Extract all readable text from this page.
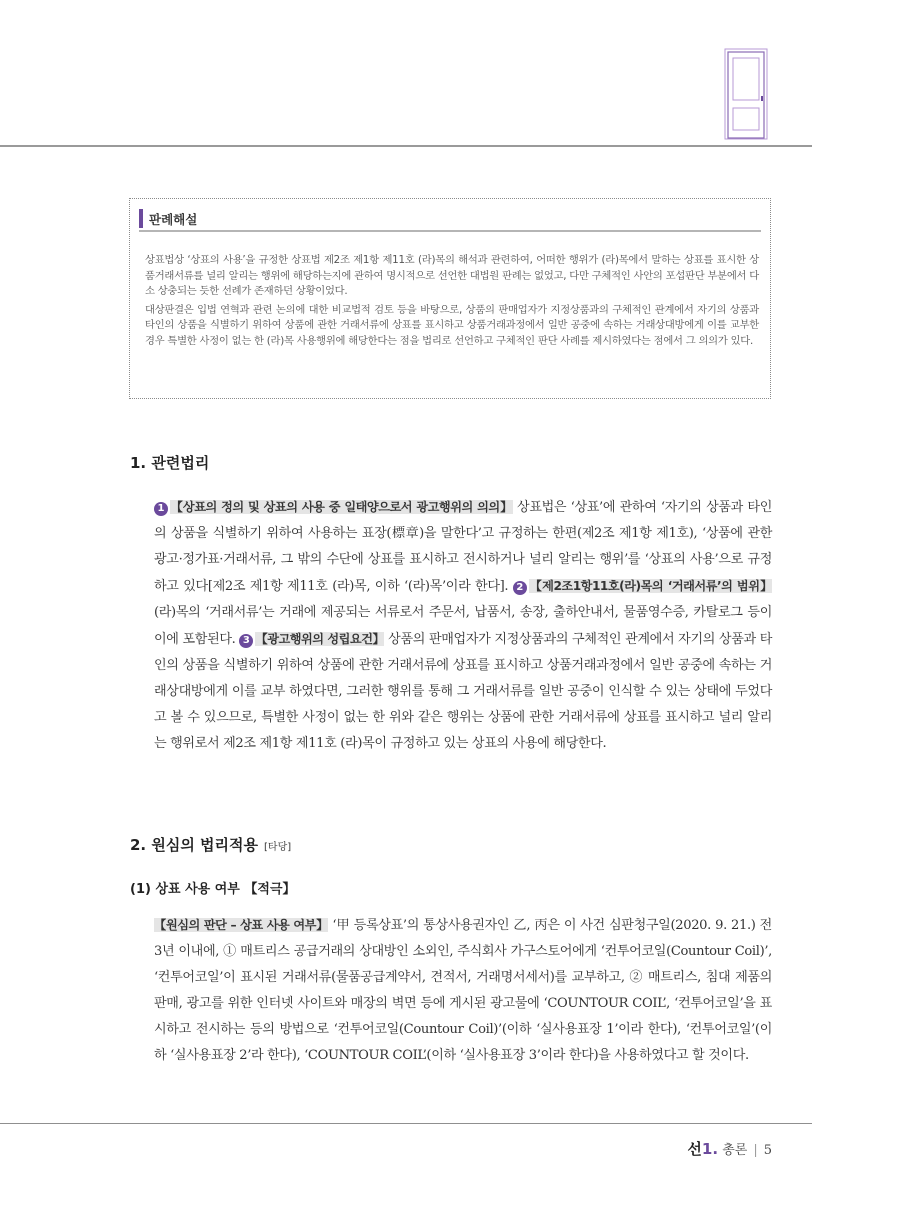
판례해설

상표법상 ‘상표의 사용’을 규정한 상표법 제2조 제1항 제11호 (라)목의 해석과 관련하여, 어떠한 행위가 (라)목에서 말하는 상표를 표시한 상품거래서류를 널리 알리는 행위에 해당하는지에 관하여 명시적으로 선언한 대법원 판례는 없었고, 다만 구체적인 사안의 포섭판단 부분에서 다소 상충되는 듯한 선례가 존재하던 상황이었다.

대상판결은 입법 연혁과 관련 논의에 대한 비교법적 검토 등을 바탕으로, 상품의 판매업자가 지정상품과의 구체적인 관계에서 자기의 상품과 타인의 상품을 식별하기 위하여 상품에 관한 거래서류에 상표를 표시하고 상품거래과정에서 일반 공중에 속하는 거래상대방에게 이를 교부한 경우 특별한 사정이 없는 한 (라)목 사용행위에 해당한다는 점을 법리로 선언하고 구체적인 판단 사례를 제시하였다는 점에서 그 의의가 있다.

1. 관련법리
1 【상표의 정의 및 상표의 사용 중 일태양으로서 광고행위의 의의】 상표법은 ‘상표’에 관하여 ‘자기의 상품과 타인의 상품을 식별하기 위하여 사용하는 표장(標章)을 말한다’고 규정하는 한편(제2조 제1항 제1호), ‘상품에 관한 광고·정가표·거래서류, 그 밖의 수단에 상표를 표시하고 전시하거나 널리 알리는 행위’를 ‘상표의 사용’으로 규정하고 있다[제2조 제1항 제11호 (라)목, 이하 ‘(라)목’이라 한다]. 2 【제2조1항11호(라)목의 ‘거래서류’의 범위】 (라)목의 ‘거래서류’는 거래에 제공되는 서류로서 주문서, 납품서, 송장, 출하안내서, 물품영수증, 카탈로그 등이 이에 포함된다. 3 【광고행위의 성립요건】 상품의 판매업자가 지정상품과의 구체적인 관계에서 자기의 상품과 타인의 상품을 식별하기 위하여 상품에 관한 거래서류에 상표를 표시하고 상품거래과정에서 일반 공중에 속하는 거래상대방에게 이를 교부 하였다면, 그러한 행위를 통해 그 거래서류를 일반 공중이 인식할 수 있는 상태에 두었다고 볼 수 있으므로, 특별한 사정이 없는 한 위와 같은 행위는 상품에 관한 거래서류에 상표를 표시하고 널리 알리는 행위로서 제2조 제1항 제11호 (라)목이 규정하고 있는 상표의 사용에 해당한다.
2. 원심의 법리적용 [타당]
(1) 상표 사용 여부 【적극】
【원심의 판단 – 상표 사용 여부】 ‘甲 등록상표’의 통상사용권자인 乙, 丙은 이 사건 심판청구일(2020. 9. 21.) 전 3년 이내에, ① 매트리스 공급거래의 상대방인 소외인, 주식회사 가구스토어에게 ‘컨투어코일(Countour Coil)’, ‘컨투어코일’이 표시된 거래서류(물품공급계약서, 견적서, 거래명서세서)를 교부하고, ② 매트리스, 침대 제품의 판매, 광고를 위한 인터넷 사이트와 매장의 벽면 등에 게시된 광고물에 ‘COUNTOUR COIL’, ‘컨투어코일’을 표시하고 전시하는 등의 방법으로 ‘컨투어코일(Countour Coil)’(이하 ‘실사용표장 1’이라 한다), ‘컨투어코일’(이하 ‘실사용표장 2’라 한다), ‘COUNTOUR COIL’(이하 ‘실사용표장 3’이라 한다)을 사용하였다고 할 것이다.
선1. 총론 | 5
